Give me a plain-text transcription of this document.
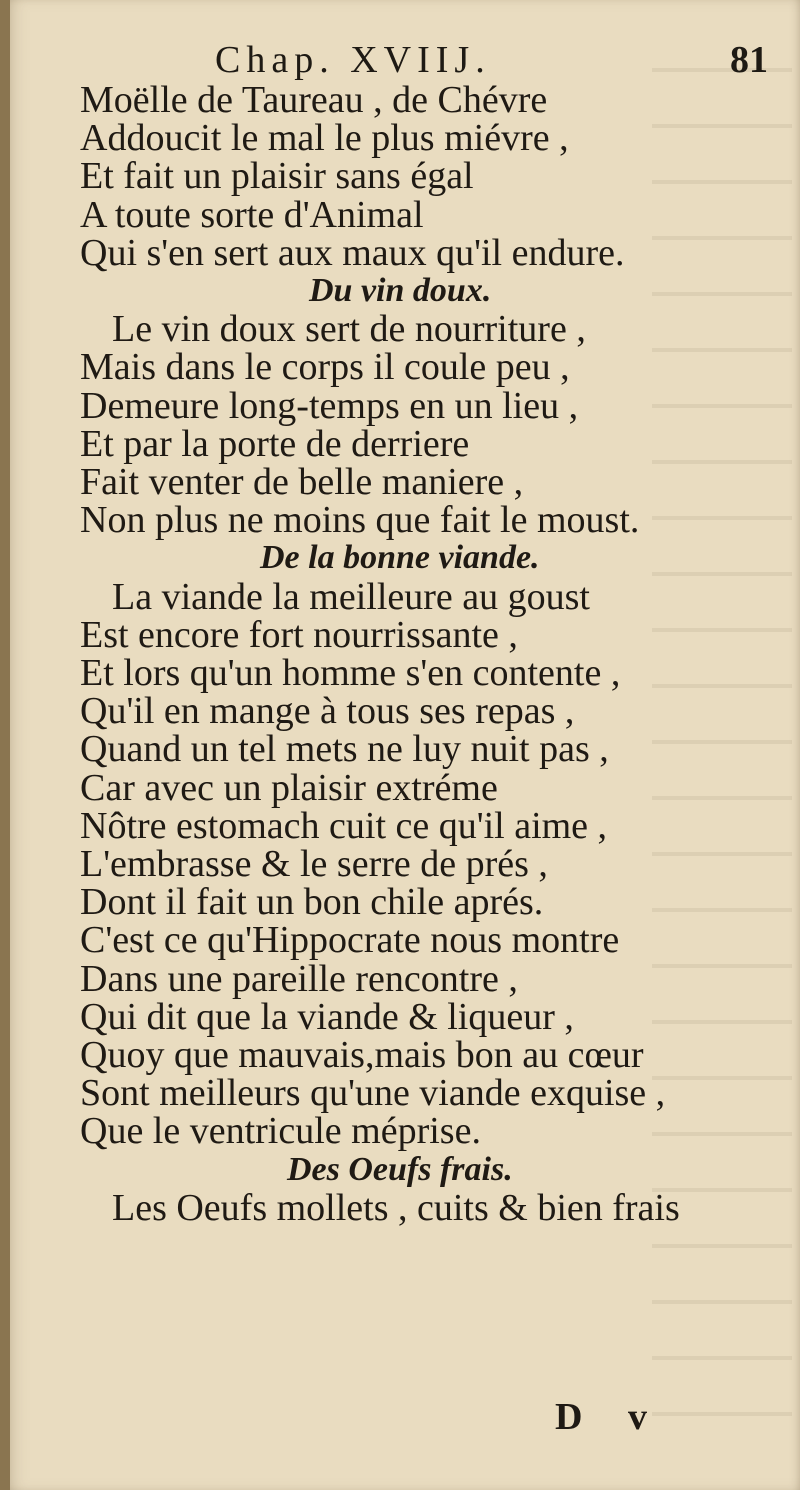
Chap. XVIIJ.	81
Moëlle de Taureau , de Chévre
Addoucit le mal le plus miévre ,
Et fait un plaisir sans égal
A toute sorte d'Animal
Qui s'en sert aux maux qu'il endure.
Du vin doux.
Le vin doux sert de nourriture ,
Mais dans le corps il coule peu ,
Demeure long-temps en un lieu ,
Et par la porte de derriere
Fait venter de belle maniere ,
Non plus ne moins que fait le moust.
De la bonne viande.
La viande la meilleure au goust
Est encore fort nourrissante ,
Et lors qu'un homme s'en contente ,
Qu'il en mange à tous ses repas ,
Quand un tel mets ne luy nuit pas ,
Car avec un plaisir extréme
Nôtre estomach cuit ce qu'il aime ,
L'embrasse & le serre de prés ,
Dont il fait un bon chile aprés.
C'est ce qu'Hippocrate nous montre
Dans une pareille rencontre ,
Qui dit que la viande & liqueur ,
Quoy que mauvais,mais bon au cœur
Sont meilleurs qu'une viande exquise ,
Que le ventricule méprise.
Des Oeufs frais.
Les Oeufs mollets , cuits & bien frais
D v
